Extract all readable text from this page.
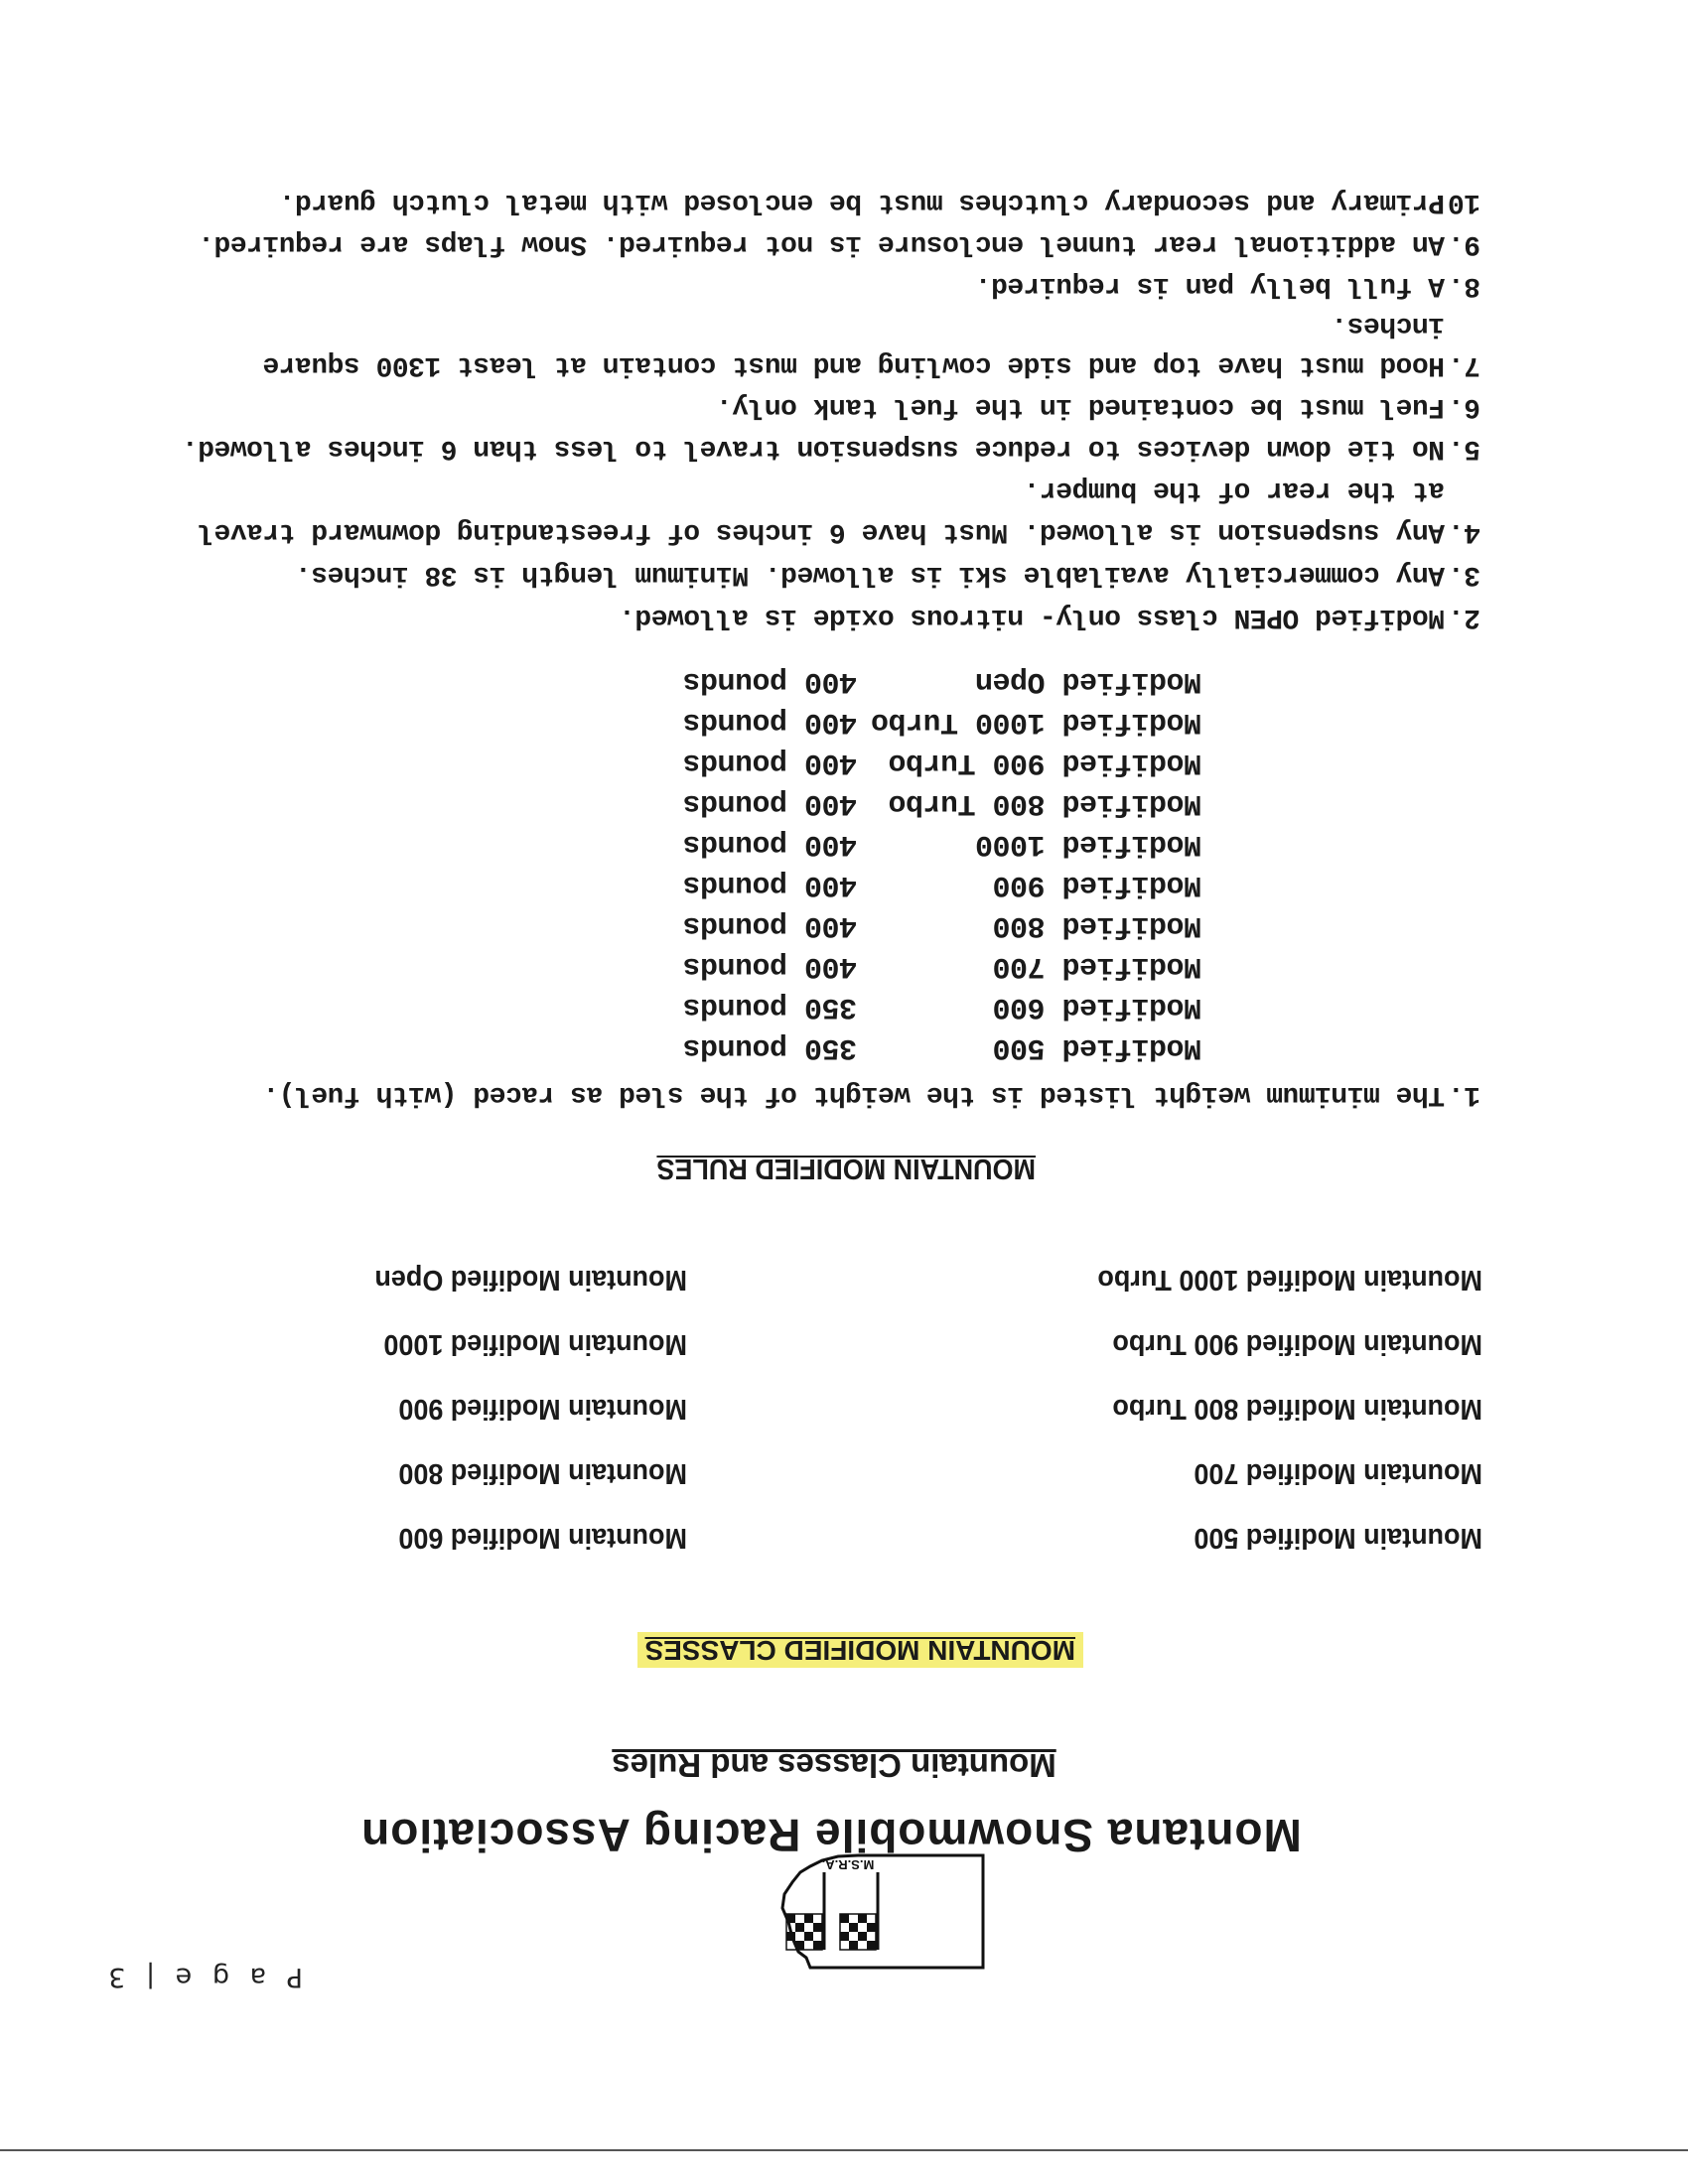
P a g e | 3
M.S.R.A.
Montana Snowmobile Racing Association
Mountain Classes and Rules
MOUNTAIN MODIFIED CLASSES
Mountain Modified 500
Mountain Modified 700
Mountain Modified 800 Turbo
Mountain Modified 900 Turbo
Mountain Modified 1000 Turbo
Mountain Modified 600
Mountain Modified 800
Mountain Modified 900
Mountain Modified 1000
Mountain Modified Open
MOUNTAIN MODIFIED RULES
1.The minimum weight listed is the weight of the sled as raced (with fuel).
Modified 500
350 pounds
Modified 600
350 pounds
Modified 700
400 pounds
Modified 800
400 pounds
Modified 900
400 pounds
Modified 1000
400 pounds
Modified 800 Turbo
400 pounds
Modified 900 Turbo
400 pounds
Modified 1000 Turbo
400 pounds
Modified Open
400 pounds
2.Modified OPEN class only- nitrous oxide is allowed.
3.Any commercially available ski is allowed. Minimum length is 38 inches.
4.Any suspension is allowed. Must have 6 inches of freestanding downward travel
at the rear of the bumper.
5.No tie down devices to reduce suspension travel to less than 6 inches allowed.
6.Fuel must be contained in the fuel tank only.
7.Hood must have top and side cowling and must contain at least 1300 square
inches.
8.A full belly pan is required.
9.An additional rear tunnel enclosure is not required. Snow flaps are required.
10.Primary and secondary clutches must be enclosed with metal clutch guard.
